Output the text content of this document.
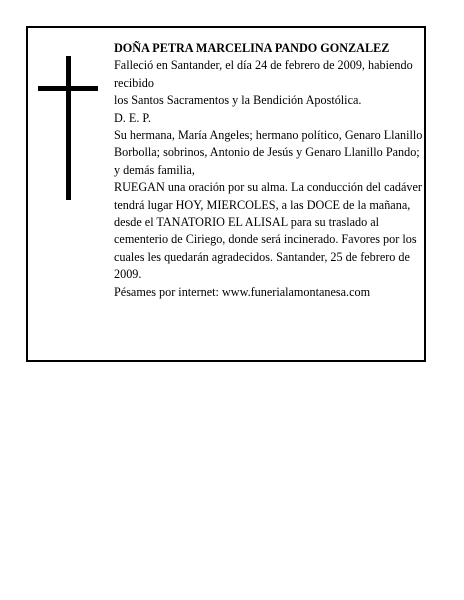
DOÑA PETRA MARCELINA PANDO GONZALEZ
Falleció en Santander, el día 24 de febrero de 2009, habiendo recibido
los Santos Sacramentos y la Bendición Apostólica.
D. E. P.
Su hermana, María Angeles; hermano político, Genaro Llanillo Borbolla; sobrinos, Antonio de Jesús y Genaro Llanillo Pando; y demás familia,
RUEGAN una oración por su alma. La conducción del cadáver tendrá lugar HOY, MIERCOLES, a las DOCE de la mañana, desde el TANATORIO EL ALISAL para su traslado al cementerio de Ciriego, donde será incinerado. Favores por los cuales les quedarán agradecidos. Santander, 25 de febrero de 2009.
Pésames por internet: www.funerialamontanesa.com
